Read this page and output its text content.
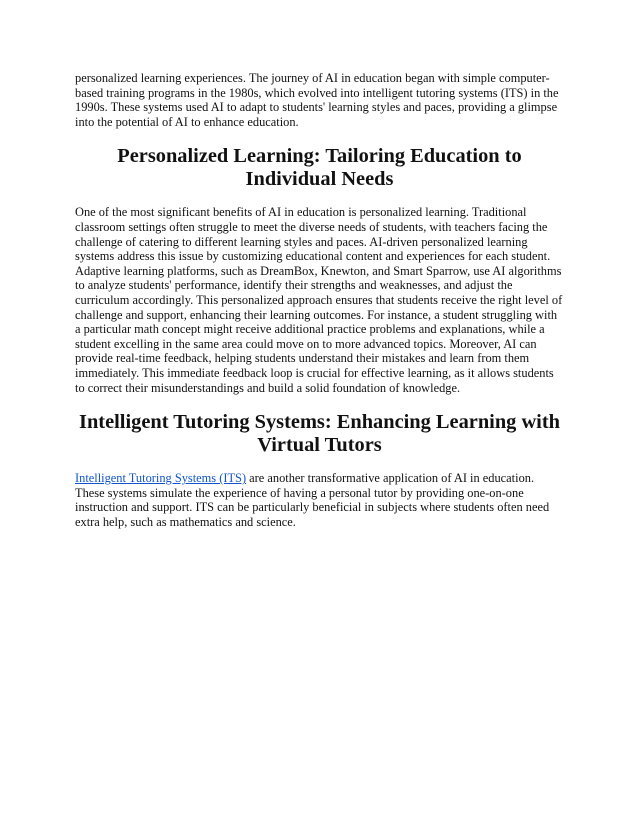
personalized learning experiences. The journey of AI in education began with simple computer-based training programs in the 1980s, which evolved into intelligent tutoring systems (ITS) in the 1990s. These systems used AI to adapt to students' learning styles and paces, providing a glimpse into the potential of AI to enhance education.

Personalized Learning: Tailoring Education to Individual Needs

One of the most significant benefits of AI in education is personalized learning. Traditional classroom settings often struggle to meet the diverse needs of students, with teachers facing the challenge of catering to different learning styles and paces. AI-driven personalized learning systems address this issue by customizing educational content and experiences for each student. Adaptive learning platforms, such as DreamBox, Knewton, and Smart Sparrow, use AI algorithms to analyze students' performance, identify their strengths and weaknesses, and adjust the curriculum accordingly. This personalized approach ensures that students receive the right level of challenge and support, enhancing their learning outcomes. For instance, a student struggling with a particular math concept might receive additional practice problems and explanations, while a student excelling in the same area could move on to more advanced topics. Moreover, AI can provide real-time feedback, helping students understand their mistakes and learn from them immediately. This immediate feedback loop is crucial for effective learning, as it allows students to correct their misunderstandings and build a solid foundation of knowledge.

Intelligent Tutoring Systems: Enhancing Learning with Virtual Tutors

Intelligent Tutoring Systems (ITS) are another transformative application of AI in education. These systems simulate the experience of having a personal tutor by providing one-on-one instruction and support. ITS can be particularly beneficial in subjects where students often need extra help, such as mathematics and science.
